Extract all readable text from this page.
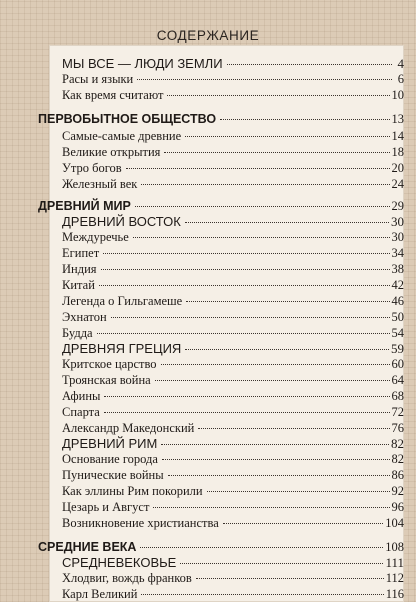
СОДЕРЖАНИЕ
МЫ ВСЕ — ЛЮДИ ЗЕМЛИ	4
Расы и языки	6
Как время считают	10
ПЕРВОБЫТНОЕ ОБЩЕСТВО	13
Самые-самые древние	14
Великие открытия	18
Утро богов	20
Железный век	24
ДРЕВНИЙ МИР	29
ДРЕВНИЙ ВОСТОК	30
Междуречье	30
Египет	34
Индия	38
Китай	42
Легенда о Гильгамеше	46
Эхнатон	50
Будда	54
ДРЕВНЯЯ ГРЕЦИЯ	59
Критское царство	60
Троянская война	64
Афины	68
Спарта	72
Александр Македонский	76
ДРЕВНИЙ РИМ	82
Основание города	82
Пунические войны	86
Как эллины Рим покорили	92
Цезарь и Август	96
Возникновение христианства	104
СРЕДНИЕ ВЕКА	108
СРЕДНЕВЕКОВЬЕ	111
Хлодвиг, вождь франков	112
Карл Великий	116
